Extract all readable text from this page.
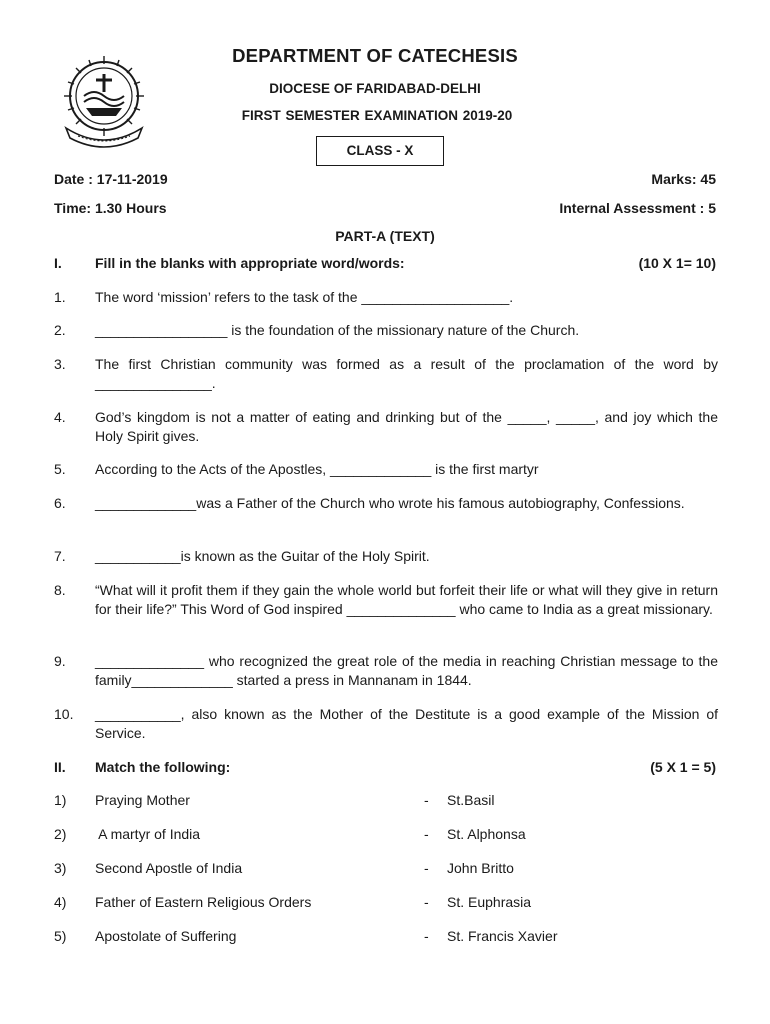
DEPARTMENT OF CATECHESIS
DIOCESE OF FARIDABAD-DELHI
FIRST SEMESTER EXAMINATION 2019-20
CLASS - X
Date : 17-11-2019	Marks: 45
Time: 1.30 Hours	Internal Assessment : 5
PART-A (TEXT)
I. Fill in the blanks with appropriate word/words:	(10 X 1= 10)
1. The word ‘mission’ refers to the task of the ___________________.
2. _________________ is the foundation of the missionary nature of the Church.
3. The first Christian community was formed as a result of the proclamation of the word by _______________.
4. God’s kingdom is not a matter of eating and drinking but of the _____, _____, and joy which the Holy Spirit gives.
5. According to the Acts of the Apostles, _____________ is the first martyr
6. _____________was a Father of the Church who wrote his famous autobiography, Confessions.
7. ___________is known as the Guitar of the Holy Spirit.
8. “What will it profit them if they gain the whole world but forfeit their life or what will they give in return for their life?” This Word of God inspired ______________ who came to India as a great missionary.
9. ______________ who recognized the great role of the media in reaching Christian message to the family_____________ started a press in Mannanam in 1844.
10. ___________, also known as the Mother of the Destitute is a good example of the Mission of Service.
II. Match the following:	(5 X 1 = 5)
1) Praying Mother	- St.Basil
2) A martyr of India	- St. Alphonsa
3) Second Apostle of India	- John Britto
4) Father of Eastern Religious Orders	- St. Euphrasia
5) Apostolate of Suffering	- St. Francis Xavier
